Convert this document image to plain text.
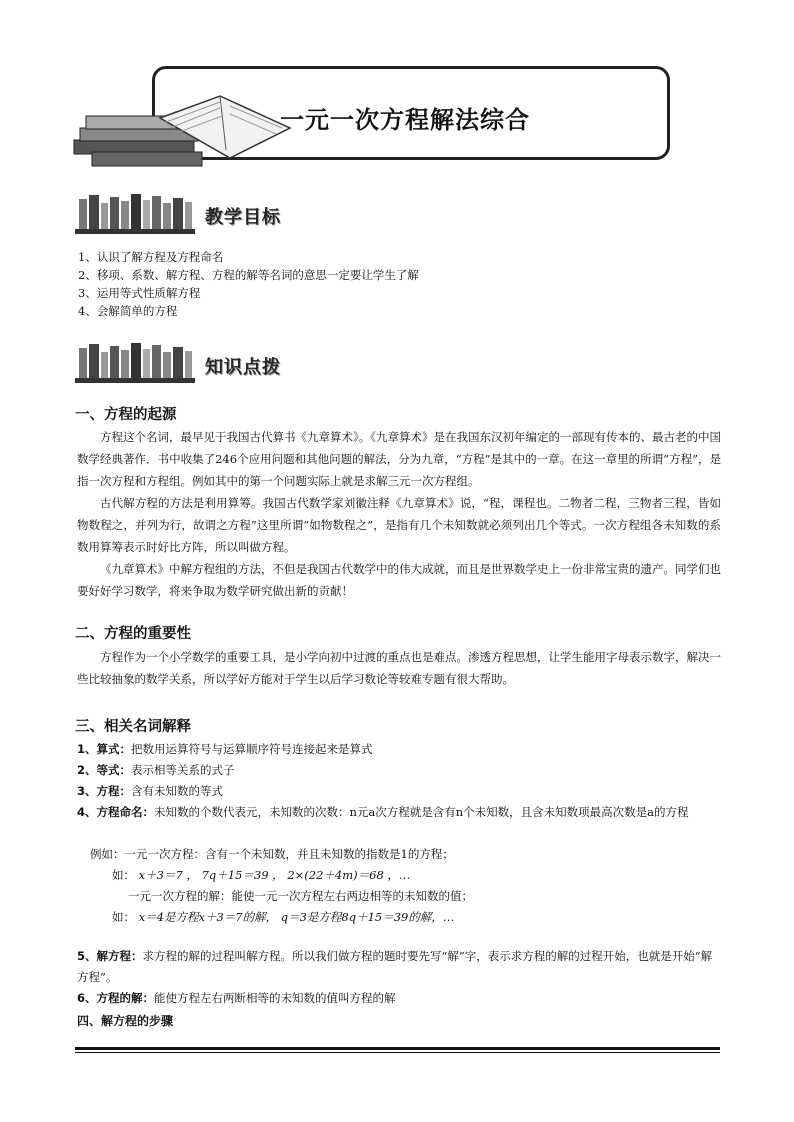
一元一次方程解法综合
教学目标
1、认识了解方程及方程命名
2、移项、系数、解方程、方程的解等名词的意思一定要让学生了解
3、运用等式性质解方程
4、会解简单的方程
知识点拨
一、方程的起源

方程这个名词，最早见于我国古代算书《九章算术》。《九章算术》是在我国东汉初年编定的一部现有传本的、最古老的中国数学经典著作．书中收集了246个应用问题和其他问题的解法，分为九章，“方程”是其中的一章。在这一章里的所谓“方程”，是指一次方程和方程组。例如其中的第一个问题实际上就是求解三元一次方程组。

古代解方程的方法是利用算筹。我国古代数学家刘徽注释《九章算术》说，“程，课程也。二物者二程，三物者三程，皆如物数程之，并列为行，故谓之方程”这里所谓“如物数程之”，是指有几个未知数就必须列出几个等式。一次方程组各未知数的系数用算筹表示时好比方阵，所以叫做方程。

《九章算术》中解方程组的方法，不但是我国古代数学中的伟大成就，而且是世界数学史上一份非常宝贵的遗产。同学们也要好好学习数学，将来争取为数学研究做出新的贡献！

二、方程的重要性

方程作为一个小学数学的重要工具，是小学向初中过渡的重点也是难点。渗透方程思想，让学生能用字母表示数字，解决一些比较抽象的数学关系，所以学好方能对于学生以后学习数论等较难专题有很大帮助。

三、相关名词解释
1、算式：把数用运算符号与运算顺序符号连接起来是算式
2、等式：表示相等关系的式子
3、方程：含有未知数的等式
4、方程命名：未知数的个数代表元，未知数的次数：n元a次方程就是含有n个未知数，且含未知数项最高次数是a的方程
例如：一元一次方程：含有一个未知数，并且未知数的指数是1的方程；
如： x＋3＝7 ， 7q＋15＝39 ， 2×(22＋4m)＝68 ，…
一元一次方程的解：能使一元一次方程左右两边相等的未知数的值；
如： x＝4是方程x＋3＝7的解， q＝3是方程8q＋15＝39的解，…
5、解方程：求方程的解的过程叫解方程。所以我们做方程的题时要先写“解”字，表示求方程的解的过程开始，也就是开始“解方程”。
6、方程的解：能使方程左右两断相等的未知数的值叫方程的解
四、解方程的步骤
